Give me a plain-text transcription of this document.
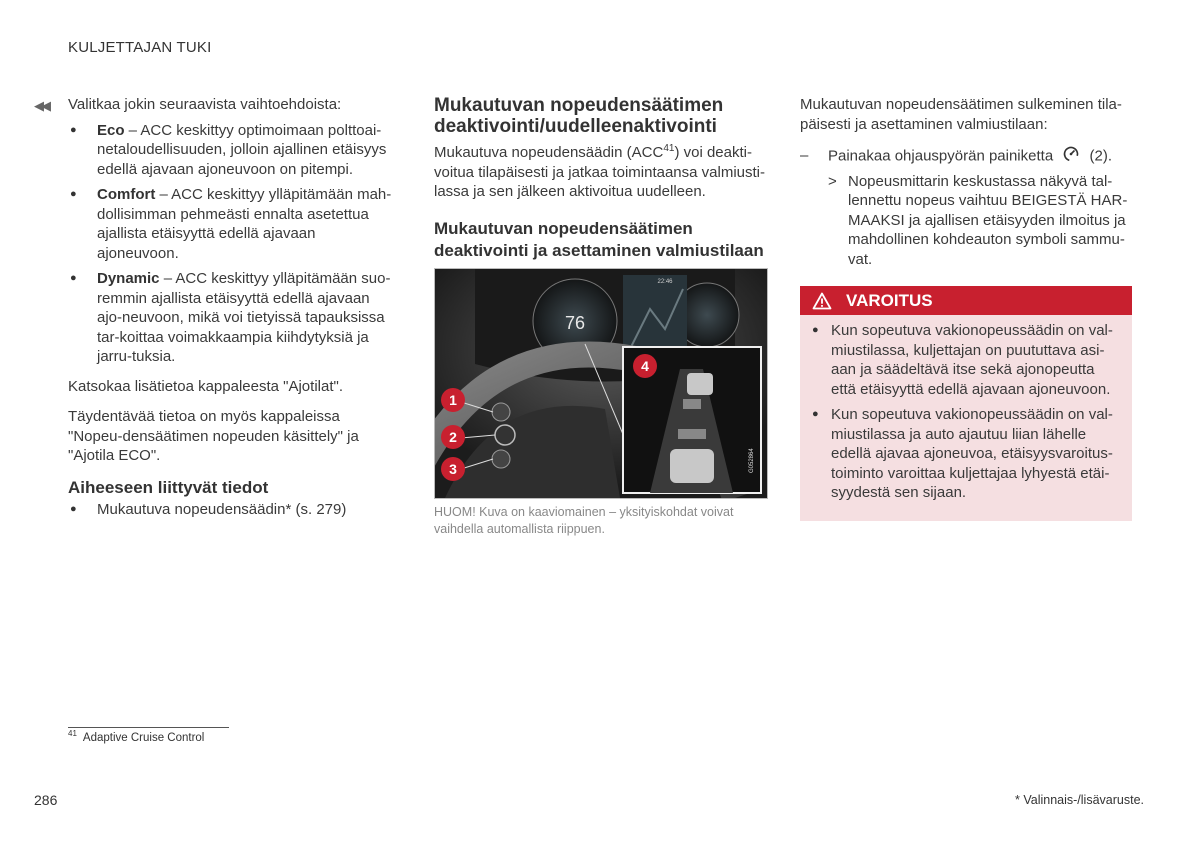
KULJETTAJAN TUKI
◀◀ Valitkaa jokin seuraavista vaihtoehdoista:

● Eco – ACC keskittyy optimoimaan polttoai-netaloudellisuuden, jolloin ajallinen etäisyys edellä ajavaan ajoneuvoon on pitempi.
● Comfort – ACC keskittyy ylläpitämään mah-dollisimman pehmeästi ennalta asetettua ajallista etäisyyttä edellä ajavaan ajoneuvoon.
● Dynamic – ACC keskittyy ylläpitämään suo-remmin ajallista etäisyyttä edellä ajavaan ajo-neuvoon, mikä voi tietyissä tapauksissa tar-koittaa voimakkaampia kiihdytyksiä ja jarru-tuksia.

Katsokaa lisätietoa kappaleesta "Ajotilat".

Täydentävää tietoa on myös kappaleissa "Nopeu-densäätimen nopeuden käsittely" ja "Ajotila ECO".

Aiheeseen liittyvät tiedot
● Mukautuva nopeudensäädin* (s. 279)
Mukautuvan nopeudensäätimen deaktivointi/uudelleenaktivointi

Mukautuva nopeudensäädin (ACC$^{41}$) voi deakti-voitua tilapäisesti ja jatkaa toimintaansa valmiusti-lassa ja sen jälkeen aktivoitua uudelleen.

Mukautuvan nopeudensäätimen deaktivointi ja asettaminen valmiustilaan
76
22:46
G052864
1
2
3
4
HUOM! Kuva on kaaviomainen – yksityiskohdat voivat vaihdella automallista riippuen.

Mukautuvan nopeudensäätimen sulkeminen tila-päisesti ja asettaminen valmiustilaan:

– Painakaa ohjauspyörän painiketta (2).
> Nopeusmittarin keskustassa näkyvä tal-lennettu nopeus vaihtuu BEIGESTÄ HAR-MAAKSI ja ajallisen etäisyyden ilmoitus ja mahdollinen kohdeauton symboli sammu-vat.
VAROITUS
● Kun sopeutuva vakionopeussäädin on val-miustilassa, kuljettajan on puututtava asi-aan ja säädeltävä itse sekä ajonopeutta että etäisyyttä edellä ajavaan ajoneuvoon.
● Kun sopeutuva vakionopeussäädin on val-miustilassa ja auto ajautuu liian lähelle edellä ajavaa ajoneuvoa, etäisyysvaroitus-toiminto varoittaa kuljettajaa lyhyestä etäi-syydestä sen sijaan.
$^{41}$ Adaptive Cruise Control
286	* Valinnais-/lisävaruste.
